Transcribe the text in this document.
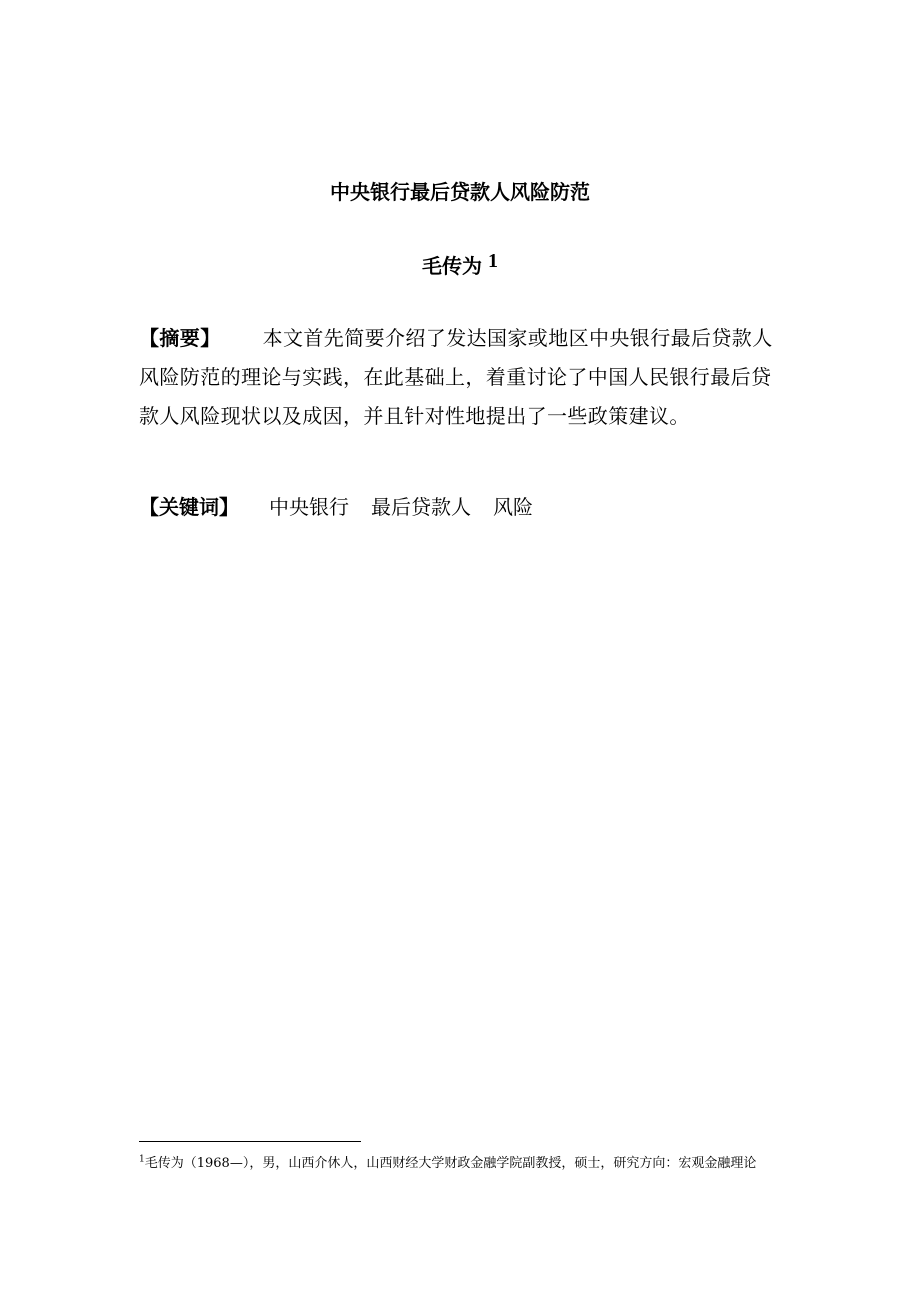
中央银行最后贷款人风险防范
毛传为 $^1$
【摘要】 本文首先简要介绍了发达国家或地区中央银行最后贷款人风险防范的理论与实践，在此基础上，着重讨论了中国人民银行最后贷款人风险现状以及成因，并且针对性地提出了一些政策建议。
【关键词】 中央银行 最后贷款人 风险
$^1$毛传为（1968—），男，山西介休人，山西财经大学财政金融学院副教授，硕士，研究方向：宏观金融理论
